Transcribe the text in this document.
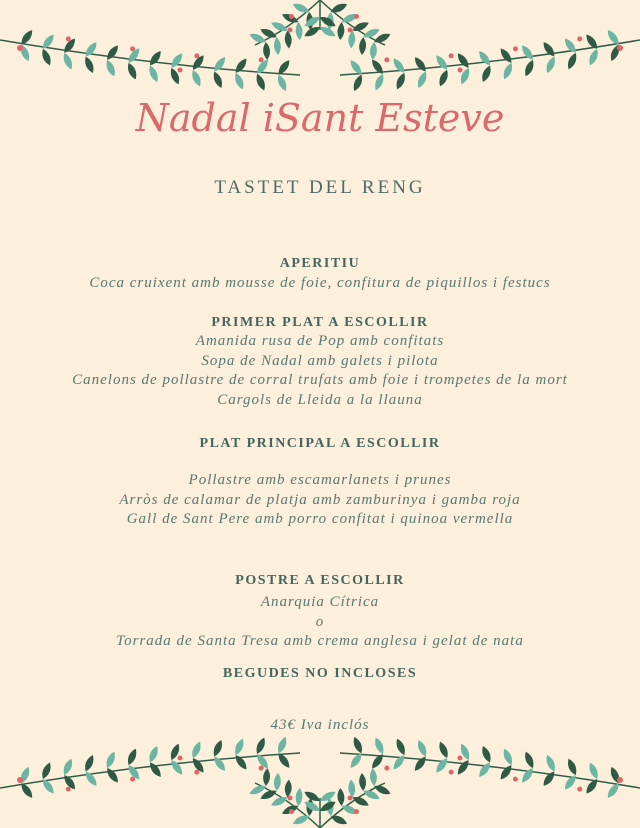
Nadal iSant Esteve
TASTET DEL RENG
APERITIU
Coca cruixent amb mousse de foie, confitura de piquillos i festucs
PRIMER PLAT A ESCOLLIR
Amanida rusa de Pop amb confitats
Sopa de Nadal amb galets i pilota
Canelons de pollastre de corral trufats amb foie i trompetes de la mort
Cargols de Lleida a la llauna
PLAT PRINCIPAL A ESCOLLIR
Pollastre amb escamarlanets i prunes
Arròs de calamar de platja amb zamburinya i gamba roja
Gall de Sant Pere amb porro confitat i quinoa vermella
POSTRE A ESCOLLIR
Anarquia Cítrica
o
Torrada de Santa Tresa amb crema anglesa i gelat de nata
BEGUDES NO INCLOSES
43€ Iva inclós
